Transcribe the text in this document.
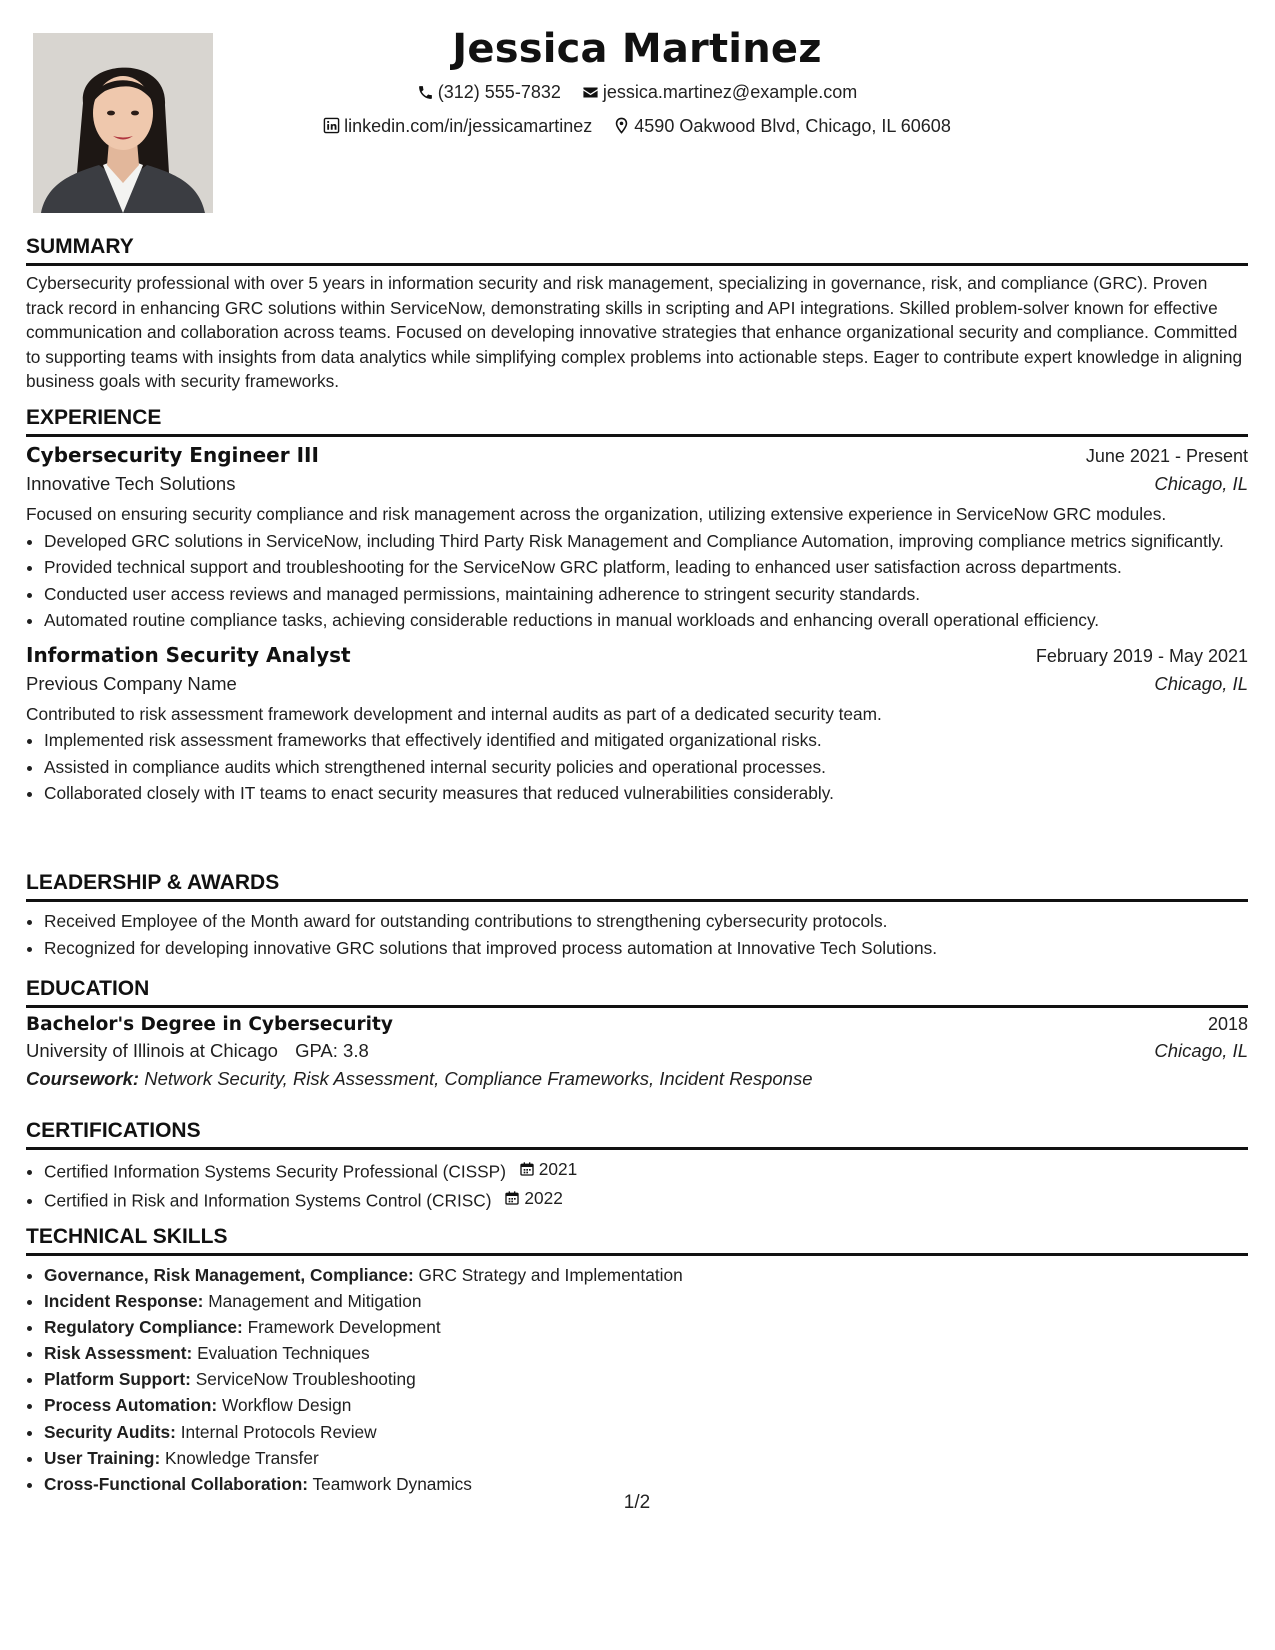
Jessica Martinez
(312) 555-7832
jessica.martinez@example.com
linkedin.com/in/jessicamartinez
4590 Oakwood Blvd, Chicago, IL 60608
SUMMARY

Cybersecurity professional with over 5 years in information security and risk management, specializing in governance, risk, and compliance (GRC). Proven track record in enhancing GRC solutions within ServiceNow, demonstrating skills in scripting and API integrations. Skilled problem-solver known for effective communication and collaboration across teams. Focused on developing innovative strategies that enhance organizational security and compliance. Committed to supporting teams with insights from data analytics while simplifying complex problems into actionable steps. Eager to contribute expert knowledge in aligning business goals with security frameworks.

EXPERIENCE
Cybersecurity Engineer III	June 2021 - Present
Innovative Tech Solutions	Chicago, IL

Focused on ensuring security compliance and risk management across the organization, utilizing extensive experience in ServiceNow GRC modules.

• Developed GRC solutions in ServiceNow, including Third Party Risk Management and Compliance Automation, improving compliance metrics significantly.
• Provided technical support and troubleshooting for the ServiceNow GRC platform, leading to enhanced user satisfaction across departments.
• Conducted user access reviews and managed permissions, maintaining adherence to stringent security standards.
• Automated routine compliance tasks, achieving considerable reductions in manual workloads and enhancing overall operational efficiency.
Information Security Analyst	February 2019 - May 2021
Previous Company Name	Chicago, IL

Contributed to risk assessment framework development and internal audits as part of a dedicated security team.

• Implemented risk assessment frameworks that effectively identified and mitigated organizational risks.
• Assisted in compliance audits which strengthened internal security policies and operational processes.
• Collaborated closely with IT teams to enact security measures that reduced vulnerabilities considerably.
LEADERSHIP & AWARDS
• Received Employee of the Month award for outstanding contributions to strengthening cybersecurity protocols.
• Recognized for developing innovative GRC solutions that improved process automation at Innovative Tech Solutions.
EDUCATION
Bachelor's Degree in Cybersecurity	2018
University of Illinois at Chicago GPA: 3.8	Chicago, IL
Coursework: Network Security, Risk Assessment, Compliance Frameworks, Incident Response
CERTIFICATIONS
• Certified Information Systems Security Professional (CISSP) 2021
• Certified in Risk and Information Systems Control (CRISC) 2022
TECHNICAL SKILLS
• Governance, Risk Management, Compliance: GRC Strategy and Implementation
• Incident Response: Management and Mitigation
• Regulatory Compliance: Framework Development
• Risk Assessment: Evaluation Techniques
• Platform Support: ServiceNow Troubleshooting
• Process Automation: Workflow Design
• Security Audits: Internal Protocols Review
• User Training: Knowledge Transfer
• Cross-Functional Collaboration: Teamwork Dynamics
1/2
